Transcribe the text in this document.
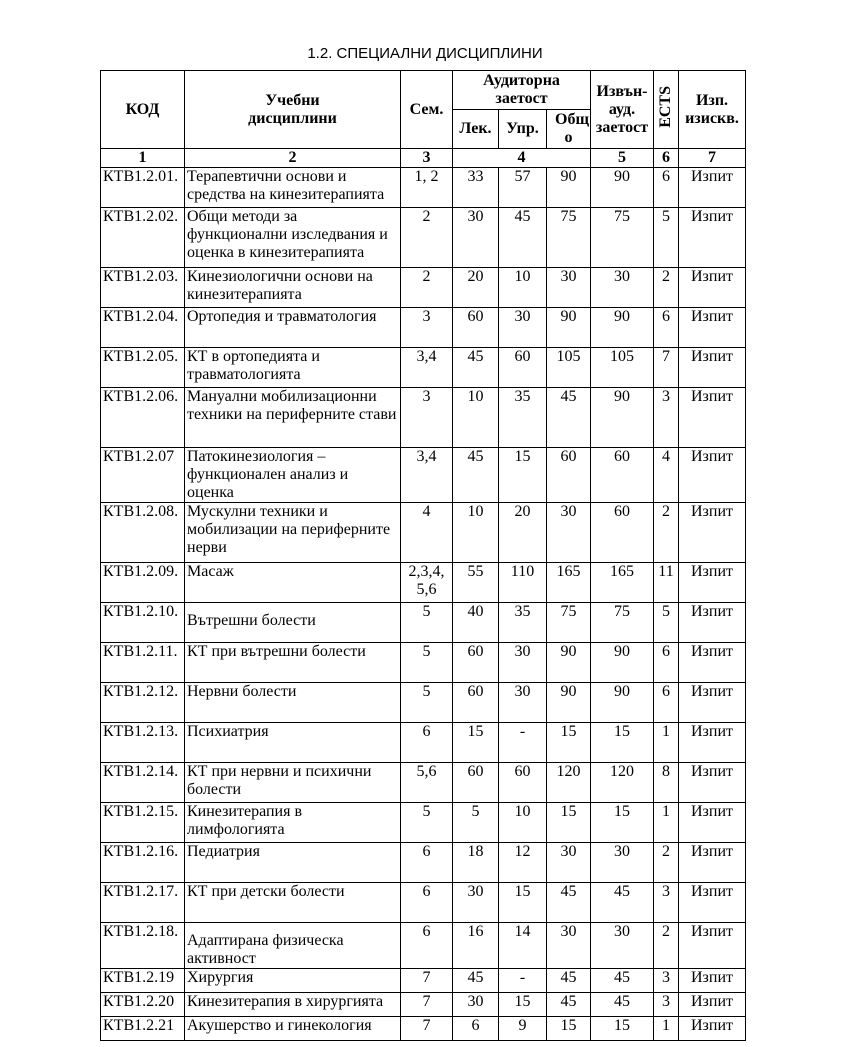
1.2. СПЕЦИАЛНИ ДИСЦИПЛИНИ
КОД	Учебни дисциплини	Сем.	Аудиторна заетост			Извън-ауд. заетост	ECTS	Изп. изискв.
			Лек.	Упр.	Общ о			
1	2	3	4			5	6	7
КТВ1.2.01.	Терапевтични основи и средства на кинезитерапията	1, 2	33	57	90	90	6	Изпит
КТВ1.2.02.	Общи методи за функционални изследвания и оценка в кинезитерапията	2	30	45	75	75	5	Изпит
КТВ1.2.03.	Кинезиологични основи на кинезитерапията	2	20	10	30	30	2	Изпит
КТВ1.2.04.	Ортопедия и травматология	3	60	30	90	90	6	Изпит
КТВ1.2.05.	КТ в ортопедията и травматологията	3,4	45	60	105	105	7	Изпит
КТВ1.2.06.	Мануални мобилизационни техники на периферните стави	3	10	35	45	90	3	Изпит
КТВ1.2.07	Патокинезиология –функционален анализ и оценка	3,4	45	15	60	60	4	Изпит
КТВ1.2.08.	Мускулни техники и мобилизации на периферните нерви	4	10	20	30	60	2	Изпит
КТВ1.2.09.	Масаж	2,3,4, 5,6	55	110	165	165	11	Изпит
КТВ1.2.10.	Вътрешни болести	5	40	35	75	75	5	Изпит
КТВ1.2.11.	КТ при вътрешни болести	5	60	30	90	90	6	Изпит
КТВ1.2.12.	Нервни болести	5	60	30	90	90	6	Изпит
КТВ1.2.13.	Психиатрия	6	15	-	15	15	1	Изпит
КТВ1.2.14.	КТ при нервни и психични болести	5,6	60	60	120	120	8	Изпит
КТВ1.2.15.	Кинезитерапия в лимфологията	5	5	10	15	15	1	Изпит
КТВ1.2.16.	Педиатрия	6	18	12	30	30	2	Изпит
КТВ1.2.17.	КТ при детски болести	6	30	15	45	45	3	Изпит
КТВ1.2.18.	Адаптирана физическа активност	6	16	14	30	30	2	Изпит
КТВ1.2.19	Хирургия	7	45	-	45	45	3	Изпит
КТВ1.2.20	Кинезитерапия в хирургията	7	30	15	45	45	3	Изпит
КТВ1.2.21	Акушерство и гинекология	7	6	9	15	15	1	Изпит
